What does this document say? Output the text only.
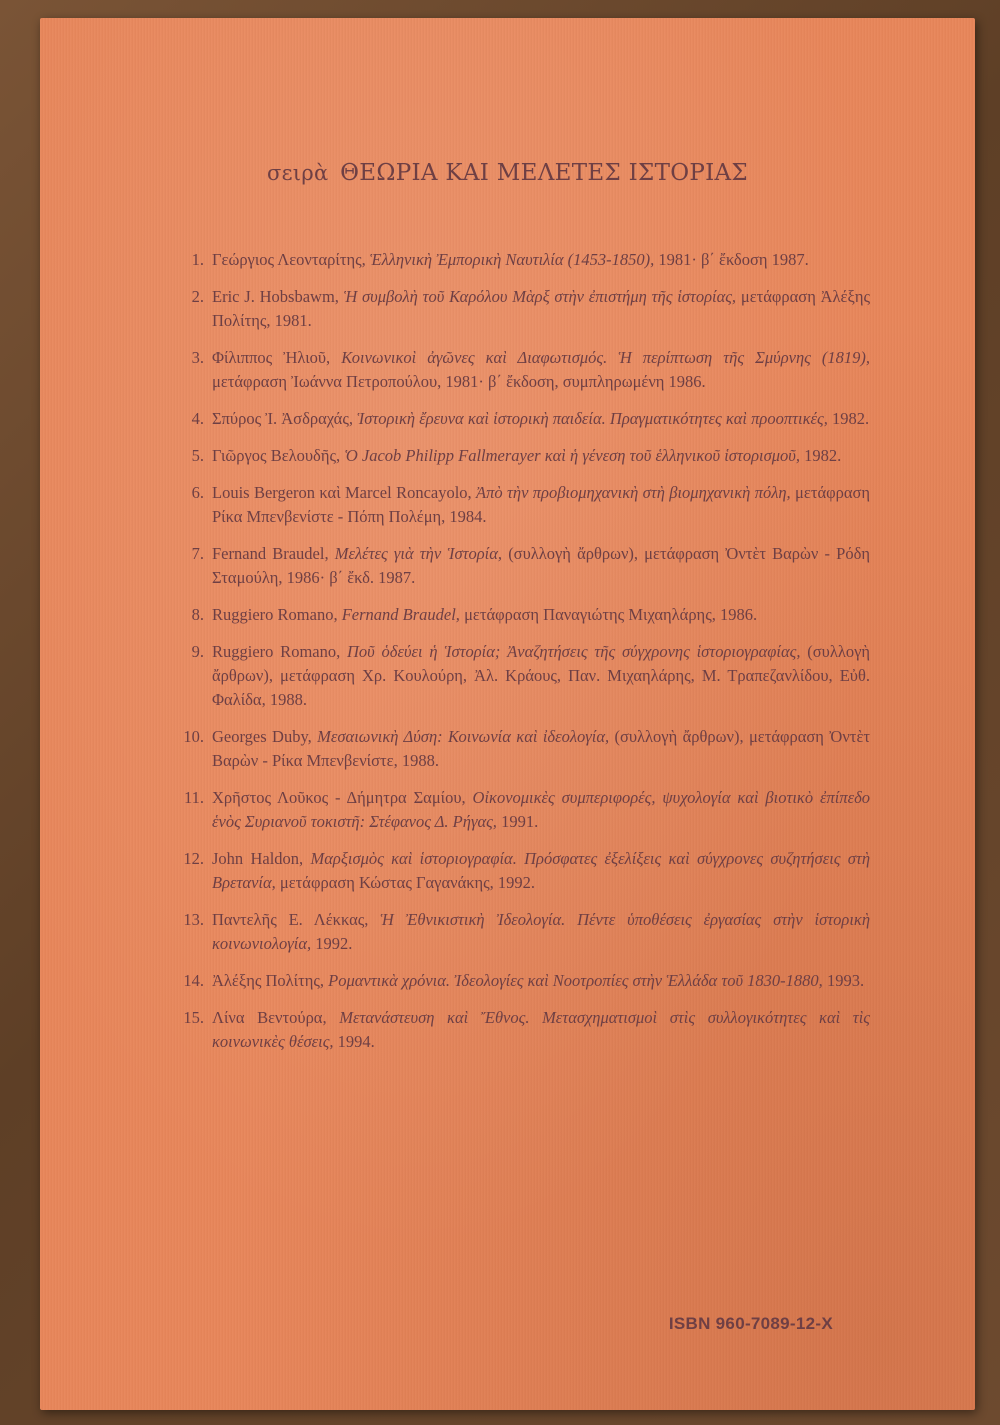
σειρὰ ΘΕΩΡΙΑ ΚΑΙ ΜΕΛΕΤΕΣ ΙΣΤΟΡΙΑΣ
1. Γεώργιος Λεονταρίτης, Ἑλληνικὴ Ἐμπορικὴ Ναυτιλία (1453-1850), 1981· β΄ ἔκδοση 1987.
2. Eric J. Hobsbawm, Ἡ συμβολὴ τοῦ Καρόλου Μὰρξ στὴν ἐπιστήμη τῆς ἱστορίας, μετάφραση Ἀλέξης Πολίτης, 1981.
3. Φίλιππος Ἠλιοῦ, Κοινωνικοὶ ἀγῶνες καὶ Διαφωτισμός. Ἡ περίπτωση τῆς Σμύρνης (1819), μετάφραση Ἰωάννα Πετροπούλου, 1981· β΄ ἔκδοση, συμπληρωμένη 1986.
4. Σπύρος Ἰ. Ἀσδραχάς, Ἱστορικὴ ἔρευνα καὶ ἱστορικὴ παιδεία. Πραγματικότητες καὶ προοπτικές, 1982.
5. Γιῶργος Βελουδῆς, Ὁ Jacob Philipp Fallmerayer καὶ ἡ γένεση τοῦ ἑλληνικοῦ ἱστορισμοῦ, 1982.
6. Louis Bergeron καὶ Marcel Roncayolo, Ἀπὸ τὴν προβιομηχανικὴ στὴ βιομηχανικὴ πόλη, μετάφραση Ρίκα Μπενβενίστε - Πόπη Πολέμη, 1984.
7. Fernand Braudel, Μελέτες γιὰ τὴν Ἱστορία, (συλλογὴ ἄρθρων), μετάφραση Ὀντὲτ Βαρὼν - Ρόδη Σταμούλη, 1986· β΄ ἔκδ. 1987.
8. Ruggiero Romano, Fernand Braudel, μετάφραση Παναγιώτης Μιχαηλάρης, 1986.
9. Ruggiero Romano, Ποῦ ὁδεύει ἡ Ἱστορία; Ἀναζητήσεις τῆς σύγχρονης ἱστοριογραφίας, (συλλογὴ ἄρθρων), μετάφραση Χρ. Κουλούρη, Ἀλ. Κράους, Παν. Μιχαηλάρης, Μ. Τραπεζανλίδου, Εὐθ. Φαλίδα, 1988.
10. Georges Duby, Μεσαιωνικὴ Δύση: Κοινωνία καὶ ἰδεολογία, (συλλογὴ ἄρθρων), μετάφραση Ὀντὲτ Βαρὼν - Ρίκα Μπενβενίστε, 1988.
11. Χρῆστος Λοῦκος - Δήμητρα Σαμίου, Οἰκονομικὲς συμπεριφορές, ψυχολογία καὶ βιοτικὸ ἐπίπεδο ἑνὸς Συριανοῦ τοκιστῆ: Στέφανος Δ. Ρήγας, 1991.
12. John Haldon, Μαρξισμὸς καὶ ἱστοριογραφία. Πρόσφατες ἐξελίξεις καὶ σύγχρονες συζητήσεις στὴ Βρετανία, μετάφραση Κώστας Γαγανάκης, 1992.
13. Παντελῆς Ε. Λέκκας, Ἡ Ἐθνικιστικὴ Ἰδεολογία. Πέντε ὑποθέσεις ἐργασίας στὴν ἱστορικὴ κοινωνιολογία, 1992.
14. Ἀλέξης Πολίτης, Ρομαντικὰ χρόνια. Ἰδεολογίες καὶ Νοοτροπίες στὴν Ἑλλάδα τοῦ 1830-1880, 1993.
15. Λίνα Βεντούρα, Μετανάστευση καὶ Ἔθνος. Μετασχηματισμοὶ στὶς συλλογικότητες καὶ τὶς κοινωνικὲς θέσεις, 1994.
ISBN 960-7089-12-X
